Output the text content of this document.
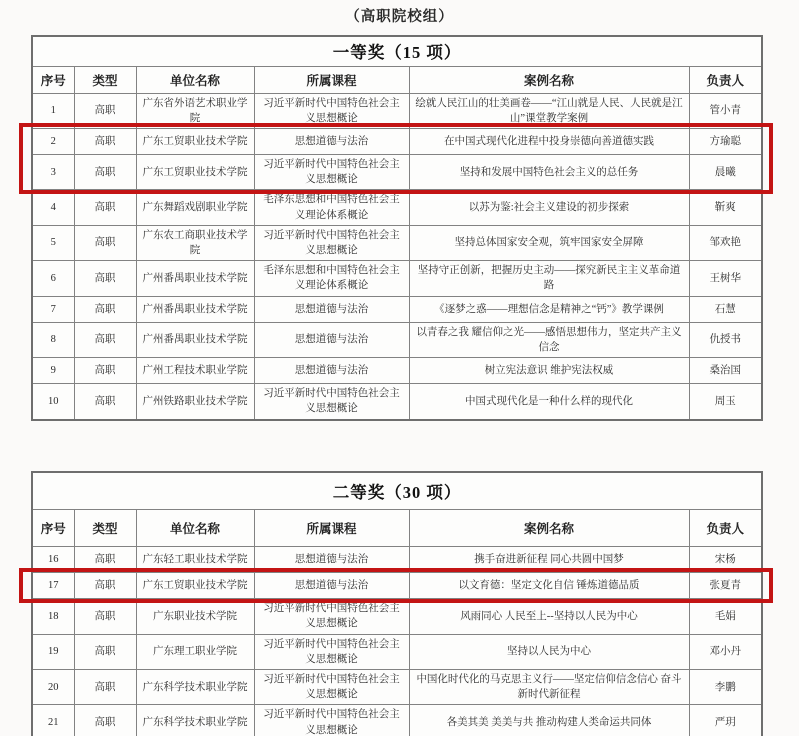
（高职院校组）
一等奖（15 项）					
序号	类型	单位名称	所属课程	案例名称	负责人
1	高职	广东省外语艺术职业学院	习近平新时代中国特色社会主义思想概论	绘就人民江山的壮美画卷——“江山就是人民、人民就是江山”课堂教学案例	管小青
2	高职	广东工贸职业技术学院	思想道德与法治	在中国式现代化进程中投身崇德向善道德实践	方瑜聪
3	高职	广东工贸职业技术学院	习近平新时代中国特色社会主义思想概论	坚持和发展中国特色社会主义的总任务	晨曦
4	高职	广东舞蹈戏剧职业学院	毛泽东思想和中国特色社会主义理论体系概论	以苏为鉴:社会主义建设的初步探索	靳爽
5	高职	广东农工商职业技术学院	习近平新时代中国特色社会主义思想概论	坚持总体国家安全观，筑牢国家安全屏障	邹欢艳
6	高职	广州番禺职业技术学院	毛泽东思想和中国特色社会主义理论体系概论	坚持守正创新，把握历史主动——探究新民主主义革命道路	王树华
7	高职	广州番禺职业技术学院	思想道德与法治	《逐梦之惑——理想信念是精神之“钙”》教学课例	石慧
8	高职	广州番禺职业技术学院	思想道德与法治	以青春之我 耀信仰之光——感悟思想伟力，坚定共产主义信念	仇授书
9	高职	广州工程技术职业学院	思想道德与法治	树立宪法意识 维护宪法权威	桑治国
10	高职	广州铁路职业技术学院	习近平新时代中国特色社会主义思想概论	中国式现代化是一种什么样的现代化	周玉
二等奖（30 项）					
序号	类型	单位名称	所属课程	案例名称	负责人
16	高职	广东轻工职业技术学院	思想道德与法治	携手奋进新征程 同心共圆中国梦	宋杨
17	高职	广东工贸职业技术学院	思想道德与法治	以文育德：坚定文化自信 锤炼道德品质	张夏青
18	高职	广东职业技术学院	习近平新时代中国特色社会主义思想概论	风雨同心 人民至上--坚持以人民为中心	毛娟
19	高职	广东理工职业学院	习近平新时代中国特色社会主义思想概论	坚持以人民为中心	邓小丹
20	高职	广东科学技术职业学院	习近平新时代中国特色社会主义思想概论	中国化时代化的马克思主义行——坚定信仰信念信心 奋斗新时代新征程	李鹏
21	高职	广东科学技术职业学院	习近平新时代中国特色社会主义思想概论	各美其美 美美与共 推动构建人类命运共同体	严玥
